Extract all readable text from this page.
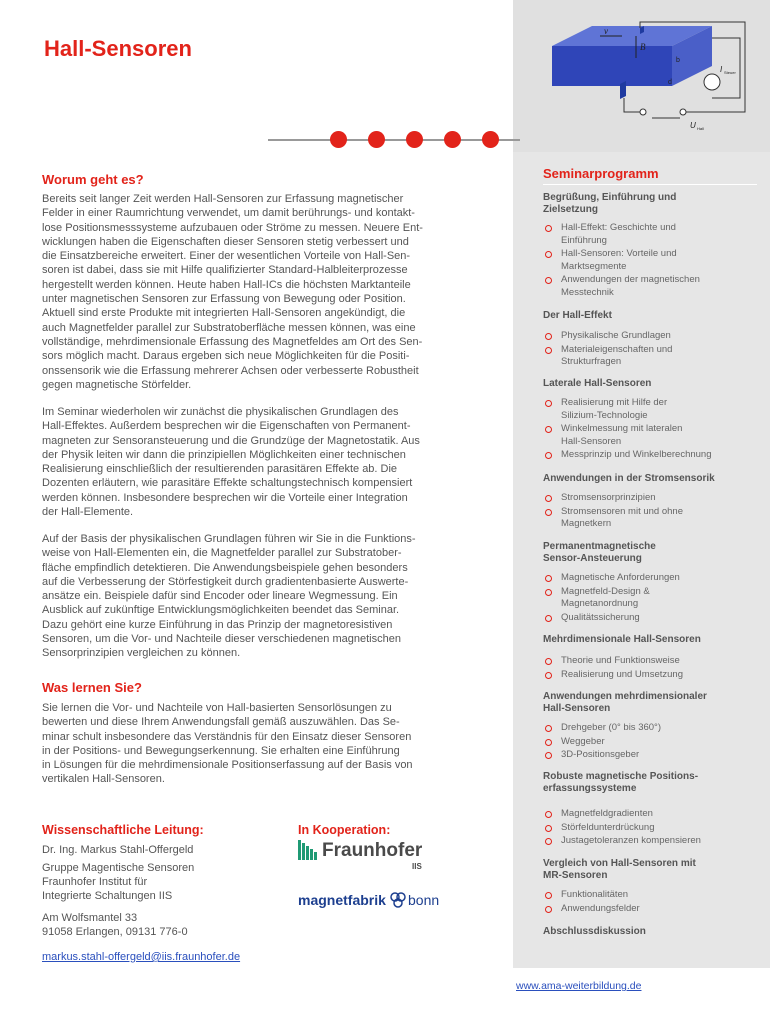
v
B
b
d
I Steuer
U Hall
Hall-Sensoren
Worum geht es?
Bereits seit langer Zeit werden Hall-Sensoren zur Erfassung magnetischer
Felder in einer Raumrichtung verwendet, um damit berührungs- und kontakt-
lose Positionsmesssysteme aufzubauen oder Ströme zu messen. Neuere Ent-
wicklungen haben die Eigenschaften dieser Sensoren stetig verbessert und
die Einsatzbereiche erweitert. Einer der wesentlichen Vorteile von Hall-Sen-
soren ist dabei, dass sie mit Hilfe qualifizierter Standard-Halbleiterprozesse
hergestellt werden können. Heute haben Hall-ICs die höchsten Marktanteile
unter magnetischen Sensoren zur Erfassung von Bewegung oder Position.
Aktuell sind erste Produkte mit integrierten Hall-Sensoren angekündigt, die
auch Magnetfelder parallel zur Substratoberfläche messen können, was eine
vollständige, mehrdimensionale Erfassung des Magnetfeldes am Ort des Sen-
sors möglich macht. Daraus ergeben sich neue Möglichkeiten für die Positi-
onssensorik wie die Erfassung mehrerer Achsen oder verbesserte Robustheit
gegen magnetische Störfelder.
Im Seminar wiederholen wir zunächst die physikalischen Grundlagen des
Hall-Effektes. Außerdem besprechen wir die Eigenschaften von Permanent-
magneten zur Sensoransteuerung und die Grundzüge der Magnetostatik. Aus
der Physik leiten wir dann die prinzipiellen Möglichkeiten einer technischen
Realisierung einschließlich der resultierenden parasitären Effekte ab. Die
Dozenten erläutern, wie parasitäre Effekte schaltungstechnisch kompensiert
werden können. Insbesondere besprechen wir die Vorteile einer Integration
der Hall-Elemente.
Auf der Basis der physikalischen Grundlagen führen wir Sie in die Funktions-
weise von Hall-Elementen ein, die Magnetfelder parallel zur Substratober-
fläche empfindlich detektieren. Die Anwendungsbeispiele gehen besonders
auf die Verbesserung der Störfestigkeit durch gradientenbasierte Auswerte-
ansätze ein. Beispiele dafür sind Encoder oder lineare Wegmessung. Ein
Ausblick auf zukünftige Entwicklungsmöglichkeiten beendet das Seminar.
Dazu gehört eine kurze Einführung in das Prinzip der magnetoresistiven
Sensoren, um die Vor- und Nachteile dieser verschiedenen magnetischen
Sensorprinzipien vergleichen zu können.
Was lernen Sie?
Sie lernen die Vor- und Nachteile von Hall-basierten Sensorlösungen zu
bewerten und diese Ihrem Anwendungsfall gemäß auszuwählen. Das Se-
minar schult insbesondere das Verständnis für den Einsatz dieser Sensoren
in der Positions- und Bewegungserkennung. Sie erhalten eine Einführung
in Lösungen für die mehrdimensionale Positionserfassung auf der Basis von
vertikalen Hall-Sensoren.
Wissenschaftliche Leitung:
Dr. Ing. Markus Stahl-Offergeld
Gruppe Magentische Sensoren
Fraunhofer Institut für
Integrierte Schaltungen IIS
Am Wolfsmantel 33
91058 Erlangen, 09131 776-0
markus.stahl-offergeld@iis.fraunhofer.de
In Kooperation:
Fraunhofer
IIS
magnetfabrik bonn
Seminarprogramm
Begrüßung, Einführung und
Zielsetzung
Hall-Effekt: Geschichte und
Einführung
Hall-Sensoren: Vorteile und
Marktsegmente
Anwendungen der magnetischen
Messtechnik
Der Hall-Effekt
Physikalische Grundlagen
Materialeigenschaften und
Strukturfragen
Laterale Hall-Sensoren
Realisierung mit Hilfe der
Silizium-Technologie
Winkelmessung mit lateralen
Hall-Sensoren
Messprinzip und Winkelberechnung
Anwendungen in der Stromsensorik
Stromsensorprinzipien
Stromsensoren mit und ohne
Magnetkern
Permanentmagnetische
Sensor-Ansteuerung
Magnetische Anforderungen
Magnetfeld-Design &
Magnetanordnung
Qualitätssicherung
Mehrdimensionale Hall-Sensoren
Theorie und Funktionsweise
Realisierung und Umsetzung
Anwendungen mehrdimensionaler
Hall-Sensoren
Drehgeber (0° bis 360°)
Weggeber
3D-Positionsgeber
Robuste magnetische Positions-
erfassungssysteme
Magnetfeldgradienten
Störfeldunterdrückung
Justagetoleranzen kompensieren
Vergleich von Hall-Sensoren mit
MR-Sensoren
Funktionalitäten
Anwendungsfelder
Abschlussdiskussion
www.ama-weiterbildung.de
